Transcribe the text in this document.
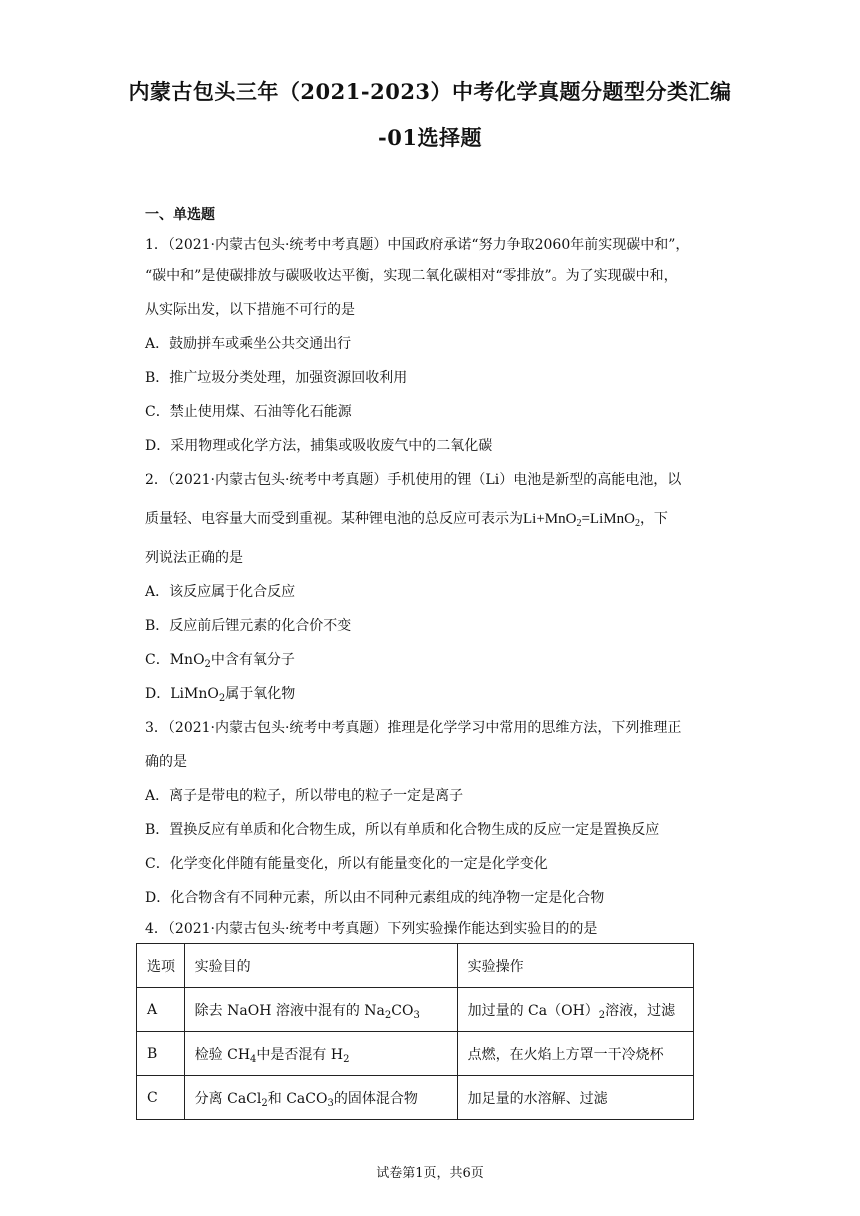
内蒙古包头三年（2021-2023）中考化学真题分题型分类汇编
-01选择题
一、单选题
1．（2021·内蒙古包头·统考中考真题）中国政府承诺“努力争取2060年前实现碳中和”，
“碳中和”是使碳排放与碳吸收达平衡，实现二氧化碳相对“零排放”。为了实现碳中和，
从实际出发，以下措施不可行的是
A．鼓励拼车或乘坐公共交通出行
B．推广垃圾分类处理，加强资源回收利用
C．禁止使用煤、石油等化石能源
D．采用物理或化学方法，捕集或吸收废气中的二氧化碳
2．（2021·内蒙古包头·统考中考真题）手机使用的锂（Li）电池是新型的高能电池，以
质量轻、电容量大而受到重视。某种锂电池的总反应可表示为Li+MnO$_2$=LiMnO$_2$，下
列说法正确的是
A．该反应属于化合反应
B．反应前后锂元素的化合价不变
C．MnO$_2$中含有氧分子
D．LiMnO$_2$属于氧化物
3．（2021·内蒙古包头·统考中考真题）推理是化学学习中常用的思维方法，下列推理正
确的是
A．离子是带电的粒子，所以带电的粒子一定是离子
B．置换反应有单质和化合物生成，所以有单质和化合物生成的反应一定是置换反应
C．化学变化伴随有能量变化，所以有能量变化的一定是化学变化
D．化合物含有不同种元素，所以由不同种元素组成的纯净物一定是化合物
4．（2021·内蒙古包头·统考中考真题）下列实验操作能达到实验目的的是
选项	实验目的	实验操作
A	除去 NaOH 溶液中混有的 $Na_2CO_3$	加过量的 $Ca(OH)_2$溶液，过滤
B	检验 $CH_4$中是否混有 $H_2$	点燃，在火焰上方罩一干冷烧杯
C	分离 CaCl$_2$和 CaCO$_3$的固体混合物	加足量的水溶解、过滤
试卷第1页，共6页
